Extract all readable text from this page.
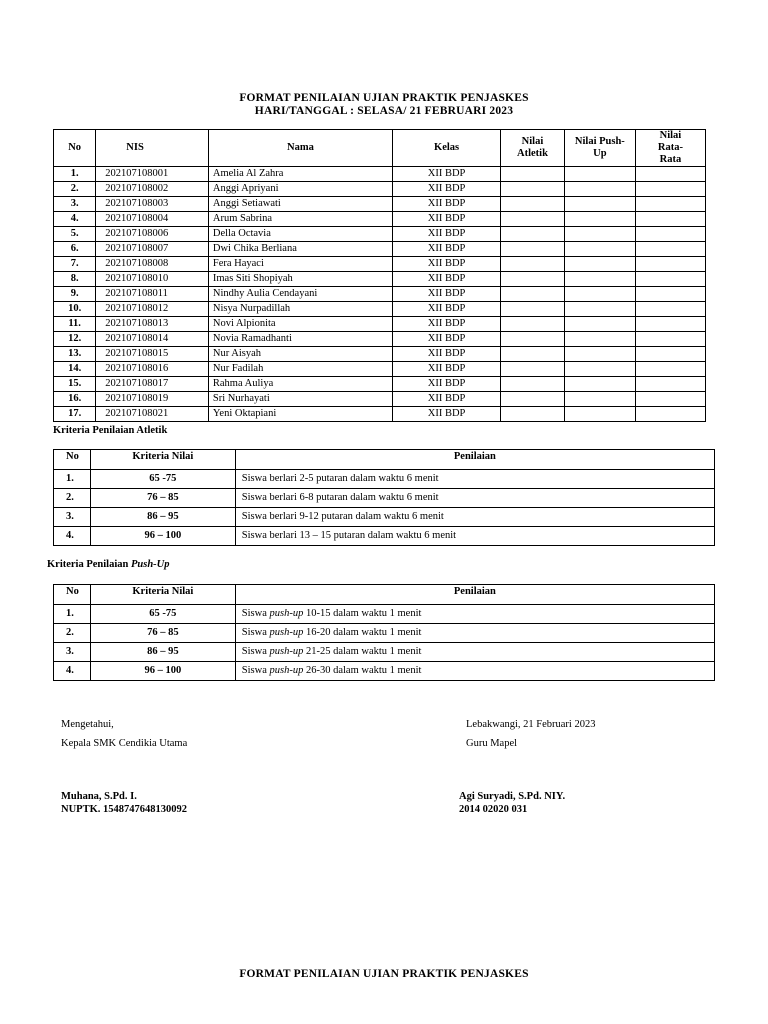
FORMAT PENILAIAN UJIAN PRAKTIK PENJASKES
HARI/TANGGAL : SELASA/ 21 FEBRUARI 2023
No	NIS	Nama	Kelas	Nilai Atletik	Nilai Push-Up	Nilai Rata-Rata
1.	202107108001	Amelia Al Zahra	XII BDP			
2.	202107108002	Anggi Apriyani	XII BDP			
3.	202107108003	Anggi Setiawati	XII BDP			
4.	202107108004	Arum Sabrina	XII BDP			
5.	202107108006	Della Octavia	XII BDP			
6.	202107108007	Dwi Chika Berliana	XII BDP			
7.	202107108008	Fera Hayaci	XII BDP			
8.	202107108010	Imas Siti Shopiyah	XII BDP			
9.	202107108011	Nindhy Aulia Cendayani	XII BDP			
10.	202107108012	Nisya Nurpadillah	XII BDP			
11.	202107108013	Novi Alpionita	XII BDP			
12.	202107108014	Novia Ramadhanti	XII BDP			
13.	202107108015	Nur Aisyah	XII BDP			
14.	202107108016	Nur Fadilah	XII BDP			
15.	202107108017	Rahma Auliya	XII BDP			
16.	202107108019	Sri Nurhayati	XII BDP			
17.	202107108021	Yeni Oktapiani	XII BDP			
Kriteria Penilaian Atletik
No	Kriteria Nilai	Penilaian
1.	65 -75	Siswa berlari 2-5 putaran dalam waktu 6 menit
2.	76 – 85	Siswa berlari 6-8 putaran dalam waktu 6 menit
3.	86 – 95	Siswa berlari 9-12 putaran dalam waktu 6 menit
4.	96 – 100	Siswa berlari 13 – 15 putaran dalam waktu 6 menit
Kriteria Penilaian Push-Up
No	Kriteria Nilai	Penilaian
1.	65 -75	Siswa push-up 10-15 dalam waktu 1 menit
2.	76 – 85	Siswa push-up 16-20 dalam waktu 1 menit
3.	86 – 95	Siswa push-up 21-25 dalam waktu 1 menit
4.	96 – 100	Siswa push-up 26-30 dalam waktu 1 menit
Mengetahui,
Kepala SMK Cendikia Utama
Muhana, S.Pd. I.
NUPTK. 1548747648130092
Lebakwangi, 21 Februari 2023
Guru Mapel
Agi Suryadi, S.Pd. NIY.
2014 02020 031
FORMAT PENILAIAN UJIAN PRAKTIK PENJASKES
